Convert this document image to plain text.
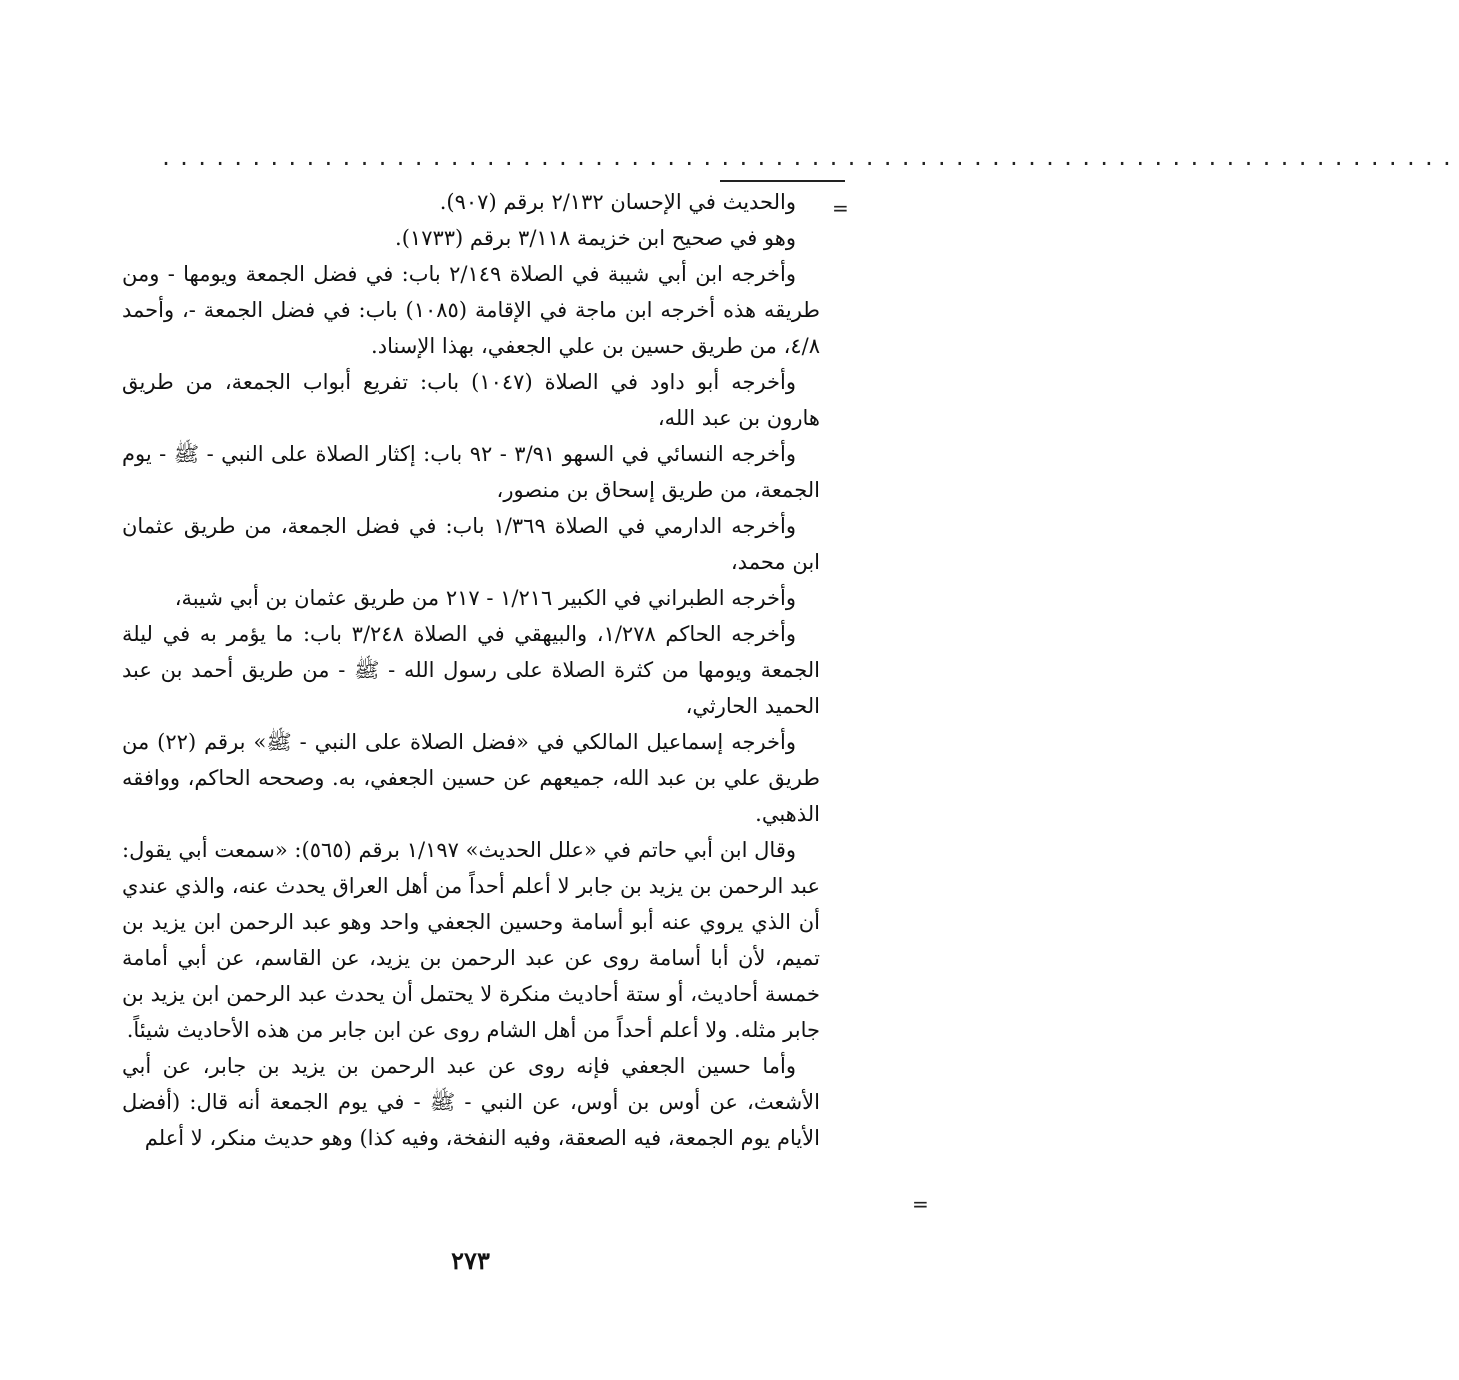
........................................................................
=
=

والحديث في الإحسان ٢/١٣٢ برقم (٩٠٧).

وهو في صحيح ابن خزيمة ٣/١١٨ برقم (١٧٣٣).

وأخرجه ابن أبي شيبة في الصلاة ٢/١٤٩ باب: في فضل الجمعة ويومها - ومن طريقه هذه أخرجه ابن ماجة في الإقامة (١٠٨٥) باب: في فضل الجمعة -، وأحمد ٤/٨، من طريق حسين بن علي الجعفي، بهذا الإسناد.

وأخرجه أبو داود في الصلاة (١٠٤٧) باب: تفريع أبواب الجمعة، من طريق هارون بن عبد الله،

وأخرجه النسائي في السهو ٣/٩١ - ٩٢ باب: إكثار الصلاة على النبي - ﷺ - يوم الجمعة، من طريق إسحاق بن منصور،

وأخرجه الدارمي في الصلاة ١/٣٦٩ باب: في فضل الجمعة، من طريق عثمان ابن محمد،

وأخرجه الطبراني في الكبير ١/٢١٦ - ٢١٧ من طريق عثمان بن أبي شيبة،

وأخرجه الحاكم ١/٢٧٨، والبيهقي في الصلاة ٣/٢٤٨ باب: ما يؤمر به في ليلة الجمعة ويومها من كثرة الصلاة على رسول الله - ﷺ - من طريق أحمد بن عبد الحميد الحارثي،

وأخرجه إسماعيل المالكي في «فضل الصلاة على النبي - ﷺ» برقم (٢٢) من طريق علي بن عبد الله، جميعهم عن حسين الجعفي، به. وصححه الحاكم، ووافقه الذهبي.

وقال ابن أبي حاتم في «علل الحديث» ١/١٩٧ برقم (٥٦٥): «سمعت أبي يقول: عبد الرحمن بن يزيد بن جابر لا أعلم أحداً من أهل العراق يحدث عنه، والذي عندي أن الذي يروي عنه أبو أسامة وحسين الجعفي واحد وهو عبد الرحمن ابن يزيد بن تميم، لأن أبا أسامة روى عن عبد الرحمن بن يزيد، عن القاسم، عن أبي أمامة خمسة أحاديث، أو ستة أحاديث منكرة لا يحتمل أن يحدث عبد الرحمن ابن يزيد بن جابر مثله. ولا أعلم أحداً من أهل الشام روى عن ابن جابر من هذه الأحاديث شيئاً.

وأما حسين الجعفي فإنه روى عن عبد الرحمن بن يزيد بن جابر، عن أبي الأشعث، عن أوس بن أوس، عن النبي - ﷺ - في يوم الجمعة أنه قال: (أفضل الأيام يوم الجمعة، فيه الصعقة، وفيه النفخة، وفيه كذا) وهو حديث منكر، لا أعلم

٢٧٣
